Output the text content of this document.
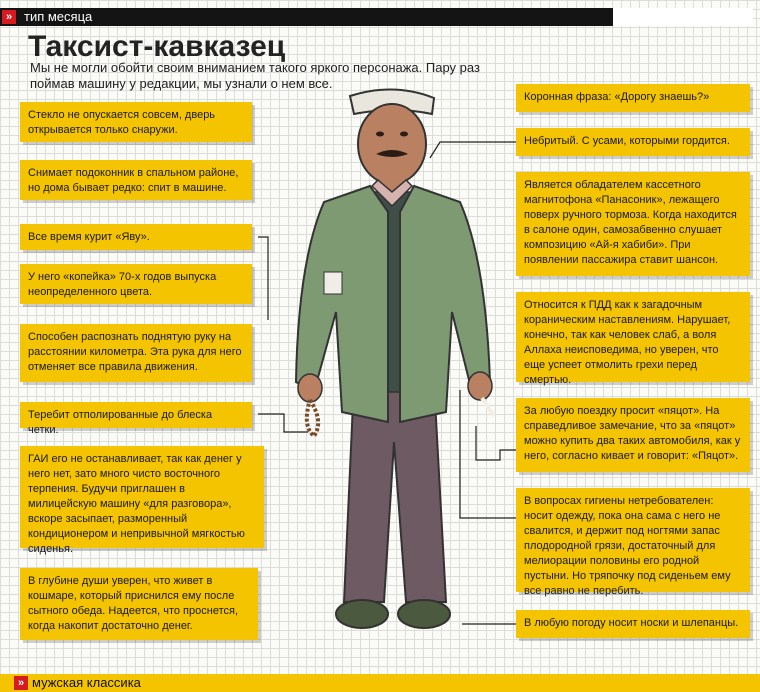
» тип месяца
Таксист-кавказец
Мы не могли обойти своим вниманием такого яркого персонажа. Пару раз поймав машину у редакции, мы узнали о нем все.
Стекло не опускается совсем, дверь открывается только снаружи.
Снимает подоконник в спальном районе, но дома бывает редко: спит в машине.
Все время курит «Яву».
У него «копейка» 70-х годов выпуска неопределенного цвета.
Способен распознать поднятую руку на расстоянии километра. Эта рука для него отменяет все правила движения.
Теребит отполированные до блеска четки.
ГАИ его не останавливает, так как денег у него нет, зато много чисто восточного терпения. Будучи приглашен в милицейскую машину «для разговора», вскоре засыпает, разморенный кондиционером и непривычной мягкостью сиденья.
В глубине души уверен, что живет в кошмаре, который приснился ему после сытного обеда. Надеется, что проснется, когда накопит достаточно денег.
Коронная фраза: «Дорогу знаешь?»
Небритый. С усами, которыми гордится.
Является обладателем кассетного магнитофона «Панасоник», лежащего поверх ручного тормоза. Когда находится в салоне один, самозабвенно слушает композицию «Ай-я хабиби». При появлении пассажира ставит шансон.
Относится к ПДД как к загадочным кораническим наставлениям. Нарушает, конечно, так как человек слаб, а воля Аллаха неисповедима, но уверен, что еще успеет отмолить грехи перед смертью.
За любую поездку просит «пяцот». На справедливое замечание, что за «пяцот» можно купить два таких автомобиля, как у него, согласно кивает и говорит: «Пяцот».
В вопросах гигиены нетребователен: носит одежду, пока она сама с него не свалится, и держит под ногтями запас плодородной грязи, достаточный для мелиорации половины его родной пустыни. Но тряпочку под сиденьем ему все равно не перебить.
В любую погоду носит носки и шлепанцы.
» мужская классика
